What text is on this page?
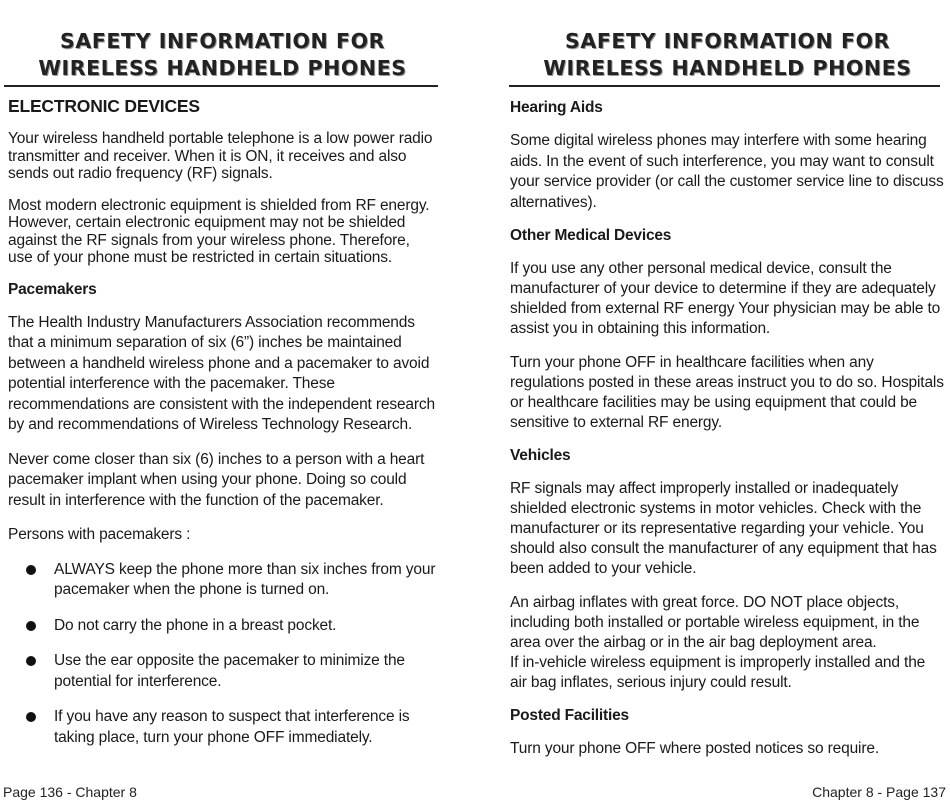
SAFETY INFORMATION FOR
WIRELESS HANDHELD PHONES
ELECTRONIC DEVICES

Your wireless handheld portable telephone is a low power radio transmitter and receiver. When it is ON, it receives and also sends out radio frequency (RF) signals.

Most modern electronic equipment is shielded from RF energy. However, certain electronic equipment may not be shielded against the RF signals from your wireless phone. Therefore, use of your phone must be restricted in certain situations.

Pacemakers

The Health Industry Manufacturers Association recommends that a minimum separation of six (6”) inches be maintained between a handheld wireless phone and a pacemaker to avoid potential interference with the pacemaker. These recommendations are consistent with the independent research by and recommendations of Wireless Technology Research.

Never come closer than six (6) inches to a person with a heart pacemaker implant when using your phone. Doing so could result in interference with the function of the pacemaker.

Persons with pacemakers :

ALWAYS keep the phone more than six inches from your pacemaker when the phone is turned on.
Do not carry the phone in a breast pocket.
Use the ear opposite the pacemaker to minimize the potential for interference.
If you have any reason to suspect that interference is taking place, turn your phone OFF immediately.
Page 136 - Chapter 8
SAFETY INFORMATION FOR
WIRELESS HANDHELD PHONES
Hearing Aids

Some digital wireless phones may interfere with some hearing aids. In the event of such interference, you may want to consult your service provider (or call the customer service line to discuss alternatives).

Other Medical Devices

If you use any other personal medical device, consult the manufacturer of your device to determine if they are adequately shielded from external RF energy Your physician may be able to assist you in obtaining this information.

Turn your phone OFF in healthcare facilities when any regulations posted in these areas instruct you to do so. Hospitals or healthcare facilities may be using equipment that could be sensitive to external RF energy.

Vehicles

RF signals may affect improperly installed or inadequately shielded electronic systems in motor vehicles. Check with the manufacturer or its representative regarding your vehicle. You should also consult the manufacturer of any equipment that has been added to your vehicle.

An airbag inflates with great force. DO NOT place objects, including both installed or portable wireless equipment, in the area over the airbag or in the air bag deployment area.

If in-vehicle wireless equipment is improperly installed and the air bag inflates, serious injury could result.

Posted Facilities

Turn your phone OFF where posted notices so require.

Chapter 8 - Page 137
